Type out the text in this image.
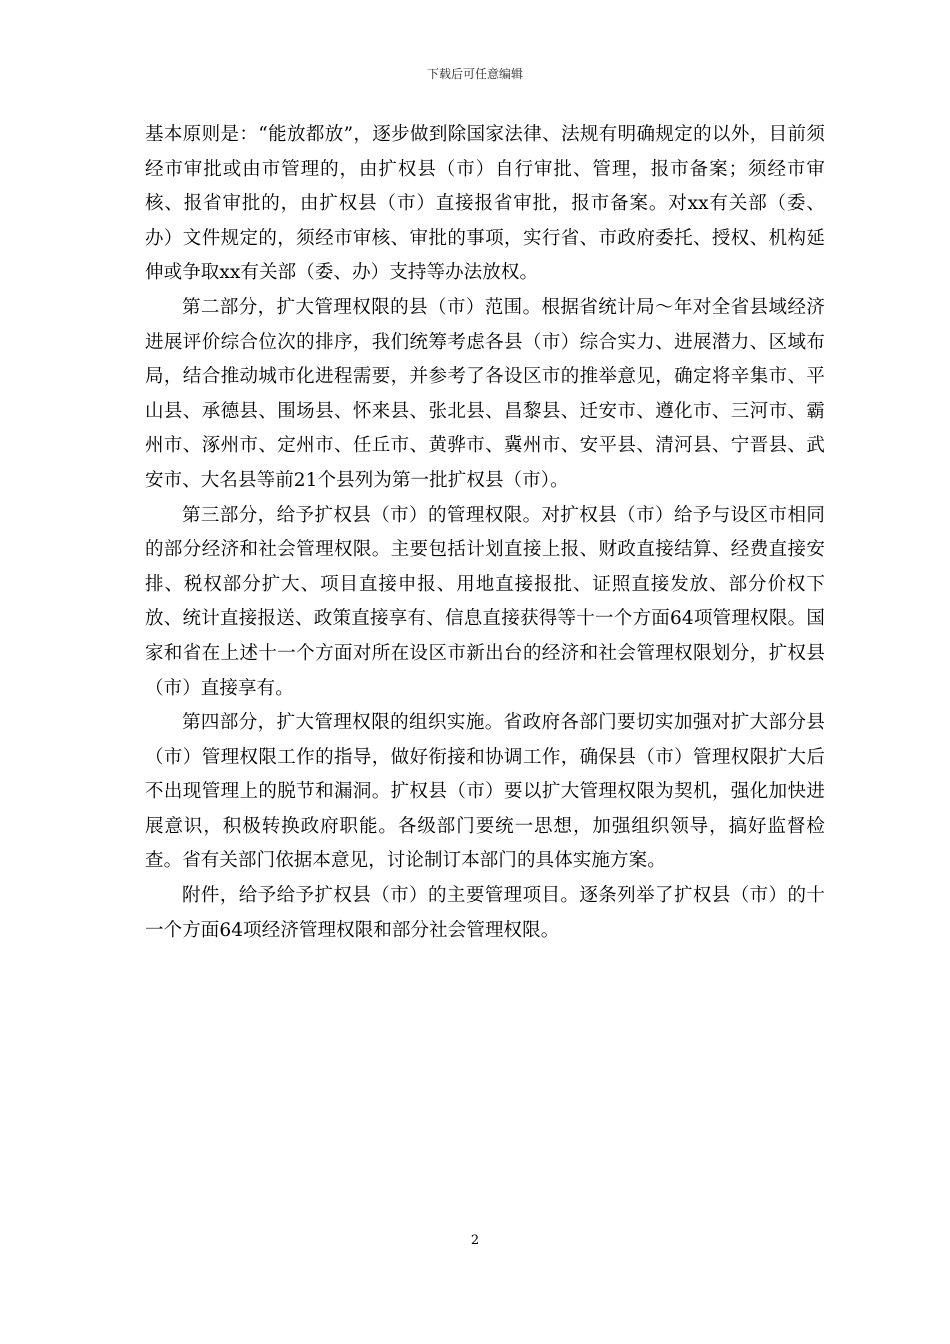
下载后可任意编辑

基本原则是：“能放都放”，逐步做到除国家法律、法规有明确规定的以外，目前须经市审批或由市管理的，由扩权县（市）自行审批、管理，报市备案；须经市审核、报省审批的，由扩权县（市）直接报省审批，报市备案。对xx有关部（委、办）文件规定的，须经市审核、审批的事项，实行省、市政府委托、授权、机构延伸或争取xx有关部（委、办）支持等办法放权。

第二部分，扩大管理权限的县（市）范围。根据省统计局～年对全省县域经济进展评价综合位次的排序，我们统筹考虑各县（市）综合实力、进展潜力、区域布局，结合推动城市化进程需要，并参考了各设区市的推举意见，确定将辛集市、平山县、承德县、围场县、怀来县、张北县、昌黎县、迁安市、遵化市、三河市、霸州市、涿州市、定州市、任丘市、黄骅市、冀州市、安平县、清河县、宁晋县、武安市、大名县等前21个县列为第一批扩权县（市）。

第三部分，给予扩权县（市）的管理权限。对扩权县（市）给予与设区市相同的部分经济和社会管理权限。主要包括计划直接上报、财政直接结算、经费直接安排、税权部分扩大、项目直接申报、用地直接报批、证照直接发放、部分价权下放、统计直接报送、政策直接享有、信息直接获得等十一个方面64项管理权限。国家和省在上述十一个方面对所在设区市新出台的经济和社会管理权限划分，扩权县（市）直接享有。

第四部分，扩大管理权限的组织实施。省政府各部门要切实加强对扩大部分县（市）管理权限工作的指导，做好衔接和协调工作，确保县（市）管理权限扩大后不出现管理上的脱节和漏洞。扩权县（市）要以扩大管理权限为契机，强化加快进展意识，积极转换政府职能。各级部门要统一思想，加强组织领导，搞好监督检查。省有关部门依据本意见，讨论制订本部门的具体实施方案。

附件，给予给予扩权县（市）的主要管理项目。逐条列举了扩权县（市）的十一个方面64项经济管理权限和部分社会管理权限。

2
